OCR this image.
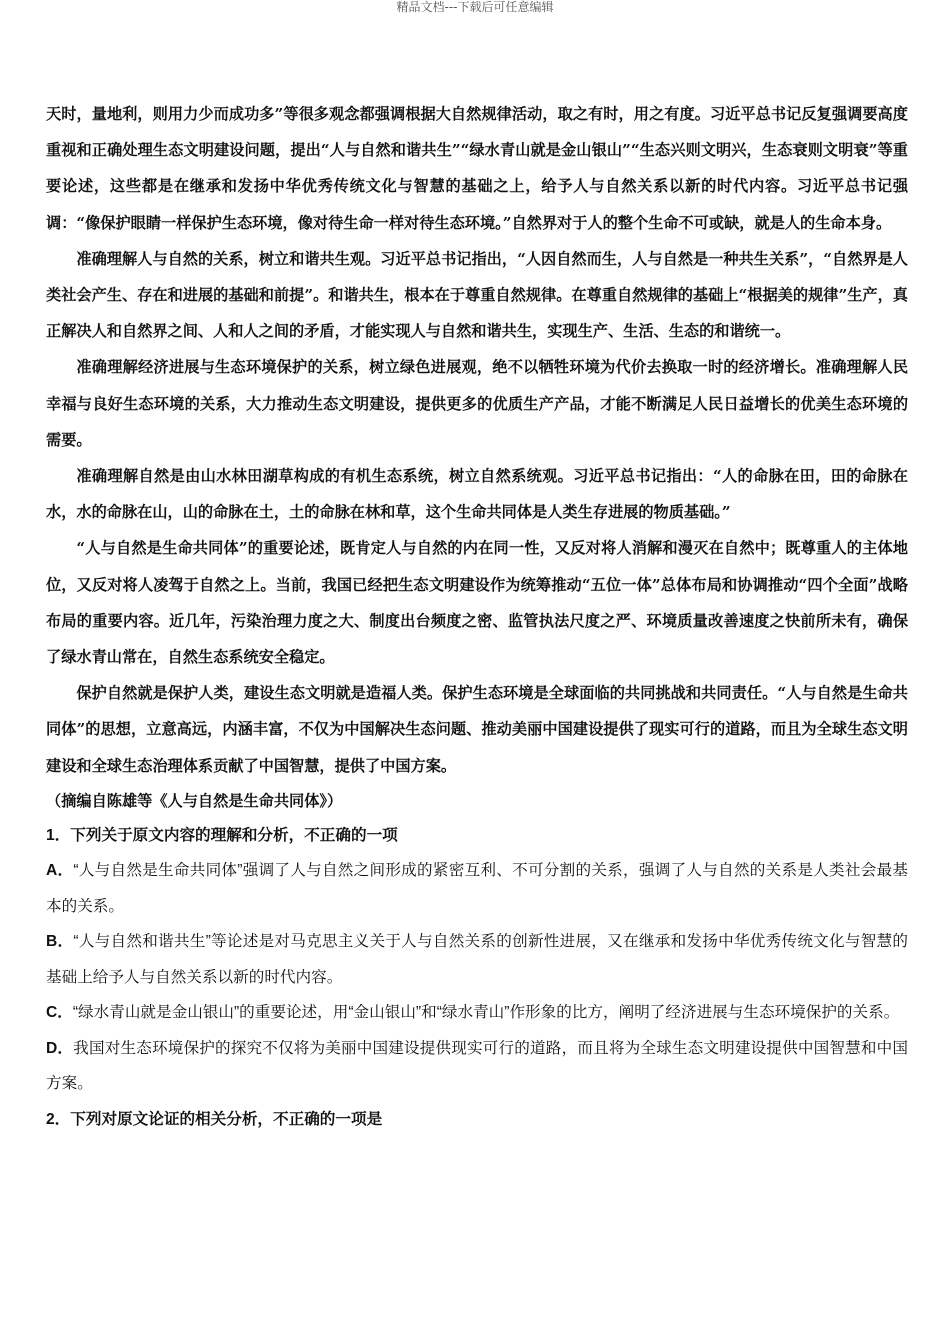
精品文档---下载后可任意编辑

天时，量地利，则用力少而成功多”等很多观念都强调根据大自然规律活动，取之有时，用之有度。习近平总书记反复强调要高度重视和正确处理生态文明建设问题，提出“人与自然和谐共生”“绿水青山就是金山银山”“生态兴则文明兴，生态衰则文明衰”等重要论述，这些都是在继承和发扬中华优秀传统文化与智慧的基础之上，给予人与自然关系以新的时代内容。习近平总书记强调：“像保护眼睛一样保护生态环境，像对待生命一样对待生态环境。”自然界对于人的整个生命不可或缺，就是人的生命本身。

准确理解人与自然的关系，树立和谐共生观。习近平总书记指出，“人因自然而生，人与自然是一种共生关系”，“自然界是人类社会产生、存在和进展的基础和前提”。和谐共生，根本在于尊重自然规律。在尊重自然规律的基础上“根据美的规律”生产，真正解决人和自然界之间、人和人之间的矛盾，才能实现人与自然和谐共生，实现生产、生活、生态的和谐统一。

准确理解经济进展与生态环境保护的关系，树立绿色进展观，绝不以牺牲环境为代价去换取一时的经济增长。准确理解人民幸福与良好生态环境的关系，大力推动生态文明建设，提供更多的优质生产产品，才能不断满足人民日益增长的优美生态环境的需要。

准确理解自然是由山水林田湖草构成的有机生态系统，树立自然系统观。习近平总书记指出：“人的命脉在田，田的命脉在水，水的命脉在山，山的命脉在土，土的命脉在林和草，这个生命共同体是人类生存进展的物质基础。”

“人与自然是生命共同体”的重要论述，既肯定人与自然的内在同一性，又反对将人消解和漫灭在自然中；既尊重人的主体地位，又反对将人凌驾于自然之上。当前，我国已经把生态文明建设作为统筹推动“五位一体”总体布局和协调推动“四个全面”战略布局的重要内容。近几年，污染治理力度之大、制度出台频度之密、监管执法尺度之严、环境质量改善速度之快前所未有，确保了绿水青山常在，自然生态系统安全稳定。

保护自然就是保护人类，建设生态文明就是造福人类。保护生态环境是全球面临的共同挑战和共同责任。“人与自然是生命共同体”的思想，立意高远，内涵丰富，不仅为中国解决生态问题、推动美丽中国建设提供了现实可行的道路，而且为全球生态文明建设和全球生态治理体系贡献了中国智慧，提供了中国方案。

（摘编自陈雄等《人与自然是生命共同体》）

1．下列关于原文内容的理解和分析，不正确的一项

A．“人与自然是生命共同体”强调了人与自然之间形成的紧密互利、不可分割的关系，强调了人与自然的关系是人类社会最基本的关系。

B．“人与自然和谐共生”等论述是对马克思主义关于人与自然关系的创新性进展，又在继承和发扬中华优秀传统文化与智慧的基础上给予人与自然关系以新的时代内容。

C．“绿水青山就是金山银山”的重要论述，用“金山银山”和“绿水青山”作形象的比方，阐明了经济进展与生态环境保护的关系。

D．我国对生态环境保护的探究不仅将为美丽中国建设提供现实可行的道路，而且将为全球生态文明建设提供中国智慧和中国方案。

2．下列对原文论证的相关分析，不正确的一项是
